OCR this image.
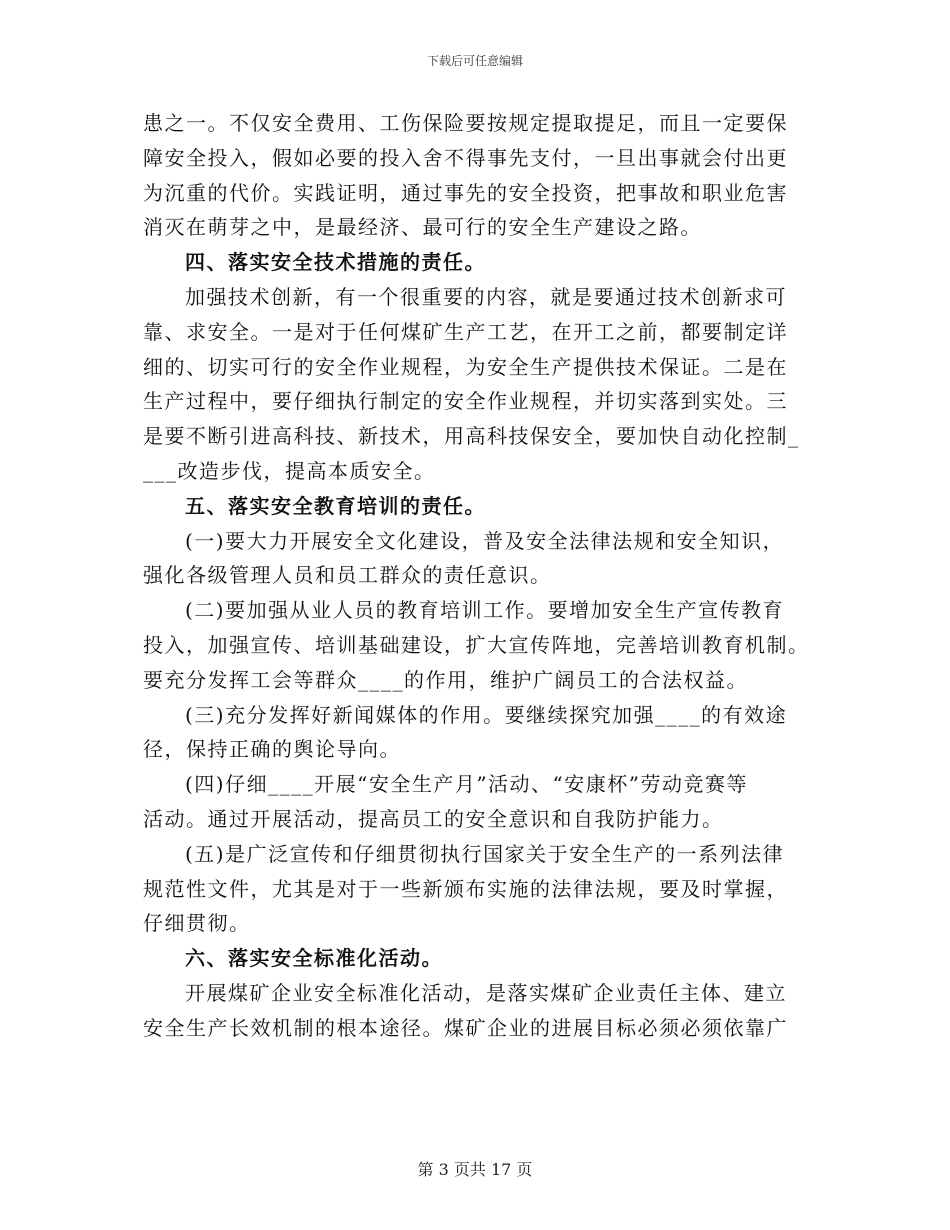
下载后可任意编辑
患之一。不仅安全费用、工伤保险要按规定提取提足，而且一定要保
障安全投入，假如必要的投入舍不得事先支付，一旦出事就会付出更
为沉重的代价。实践证明，通过事先的安全投资，把事故和职业危害
消灭在萌芽之中，是最经济、最可行的安全生产建设之路。
四、落实安全技术措施的责任。
加强技术创新，有一个很重要的内容，就是要通过技术创新求可
靠、求安全。一是对于任何煤矿生产工艺，在开工之前，都要制定详
细的、切实可行的安全作业规程，为安全生产提供技术保证。二是在
生产过程中，要仔细执行制定的安全作业规程，并切实落到实处。三
是要不断引进高科技、新技术，用高科技保安全，要加快自动化控制_
___改造步伐，提高本质安全。
五、落实安全教育培训的责任。
(一)要大力开展安全文化建设，普及安全法律法规和安全知识，
强化各级管理人员和员工群众的责任意识。
(二)要加强从业人员的教育培训工作。要增加安全生产宣传教育
投入，加强宣传、培训基础建设，扩大宣传阵地，完善培训教育机制。
要充分发挥工会等群众____的作用，维护广阔员工的合法权益。
(三)充分发挥好新闻媒体的作用。要继续探究加强____的有效途
径，保持正确的舆论导向。
(四)仔细____开展“安全生产月”活动、“安康杯”劳动竞赛等
活动。通过开展活动，提高员工的安全意识和自我防护能力。
(五)是广泛宣传和仔细贯彻执行国家关于安全生产的一系列法律
规范性文件，尤其是对于一些新颁布实施的法律法规，要及时掌握，
仔细贯彻。
六、落实安全标准化活动。
开展煤矿企业安全标准化活动，是落实煤矿企业责任主体、建立
安全生产长效机制的根本途径。煤矿企业的进展目标必须必须依靠广
第 3 页共 17 页
